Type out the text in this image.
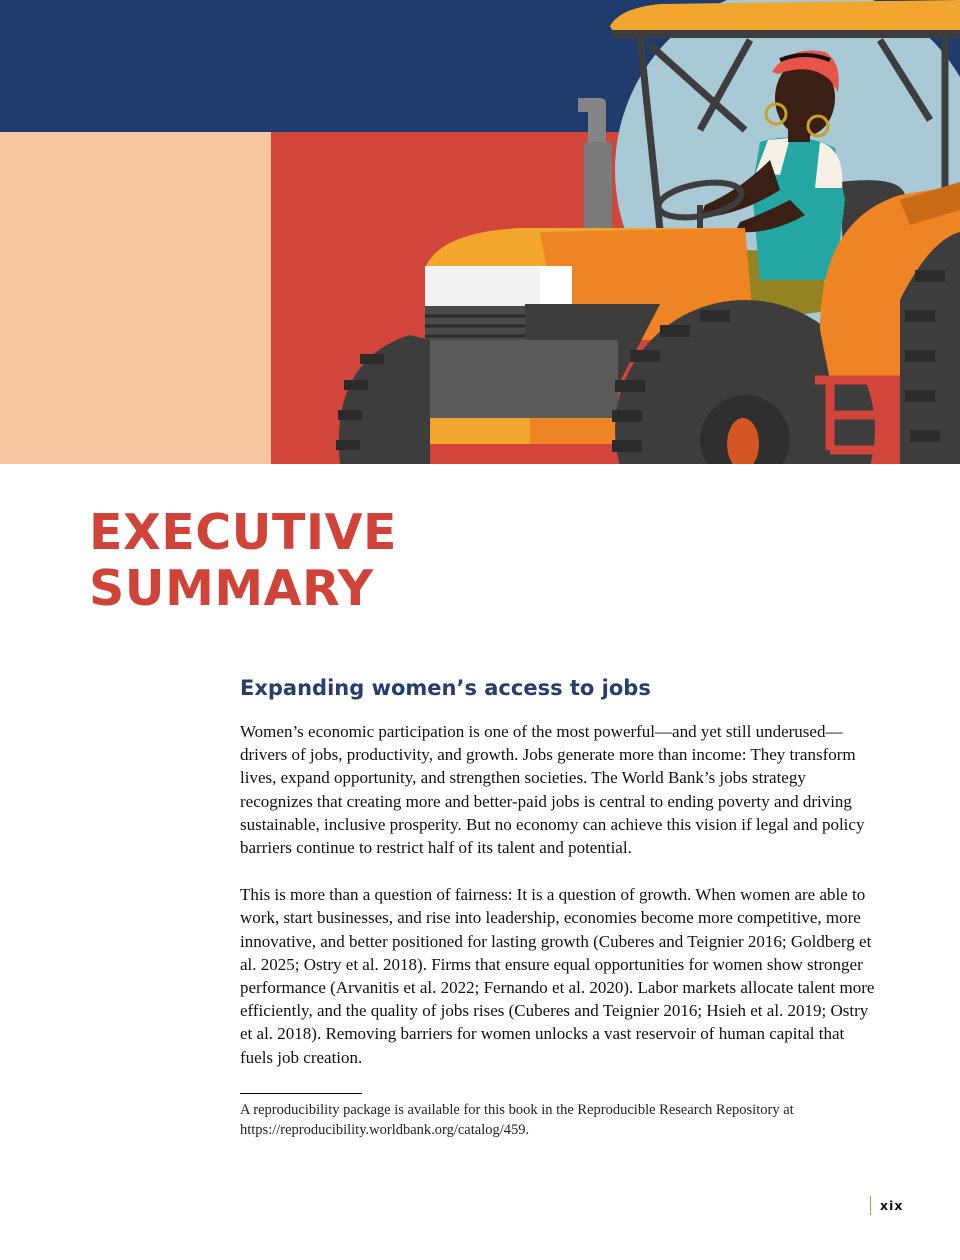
EXECUTIVE
SUMMARY
Expanding women’s access to jobs

Women’s economic participation is one of the most powerful—and yet still underused—drivers of jobs, productivity, and growth. Jobs generate more than income: They transform lives, expand opportunity, and strengthen societies. The World Bank’s jobs strategy recognizes that creating more and better-paid jobs is central to ending poverty and driving sustainable, inclusive prosperity. But no economy can achieve this vision if legal and policy barriers continue to restrict half of its talent and potential.

This is more than a question of fairness: It is a question of growth. When women are able to work, start businesses, and rise into leadership, economies become more competitive, more innovative, and better positioned for lasting growth (Cuberes and Teignier 2016; Goldberg et al. 2025; Ostry et al. 2018). Firms that ensure equal opportunities for women show stronger performance (Arvanitis et al. 2022; Fernando et al. 2020). Labor markets allocate talent more efficiently, and the quality of jobs rises (Cuberes and Teignier 2016; Hsieh et al. 2019; Ostry et al. 2018). Removing barriers for women unlocks a vast reservoir of human capital that fuels job creation.

A reproducibility package is available for this book in the Reproducible Research Repository at https://reproducibility.worldbank.org/catalog/459.

xix
